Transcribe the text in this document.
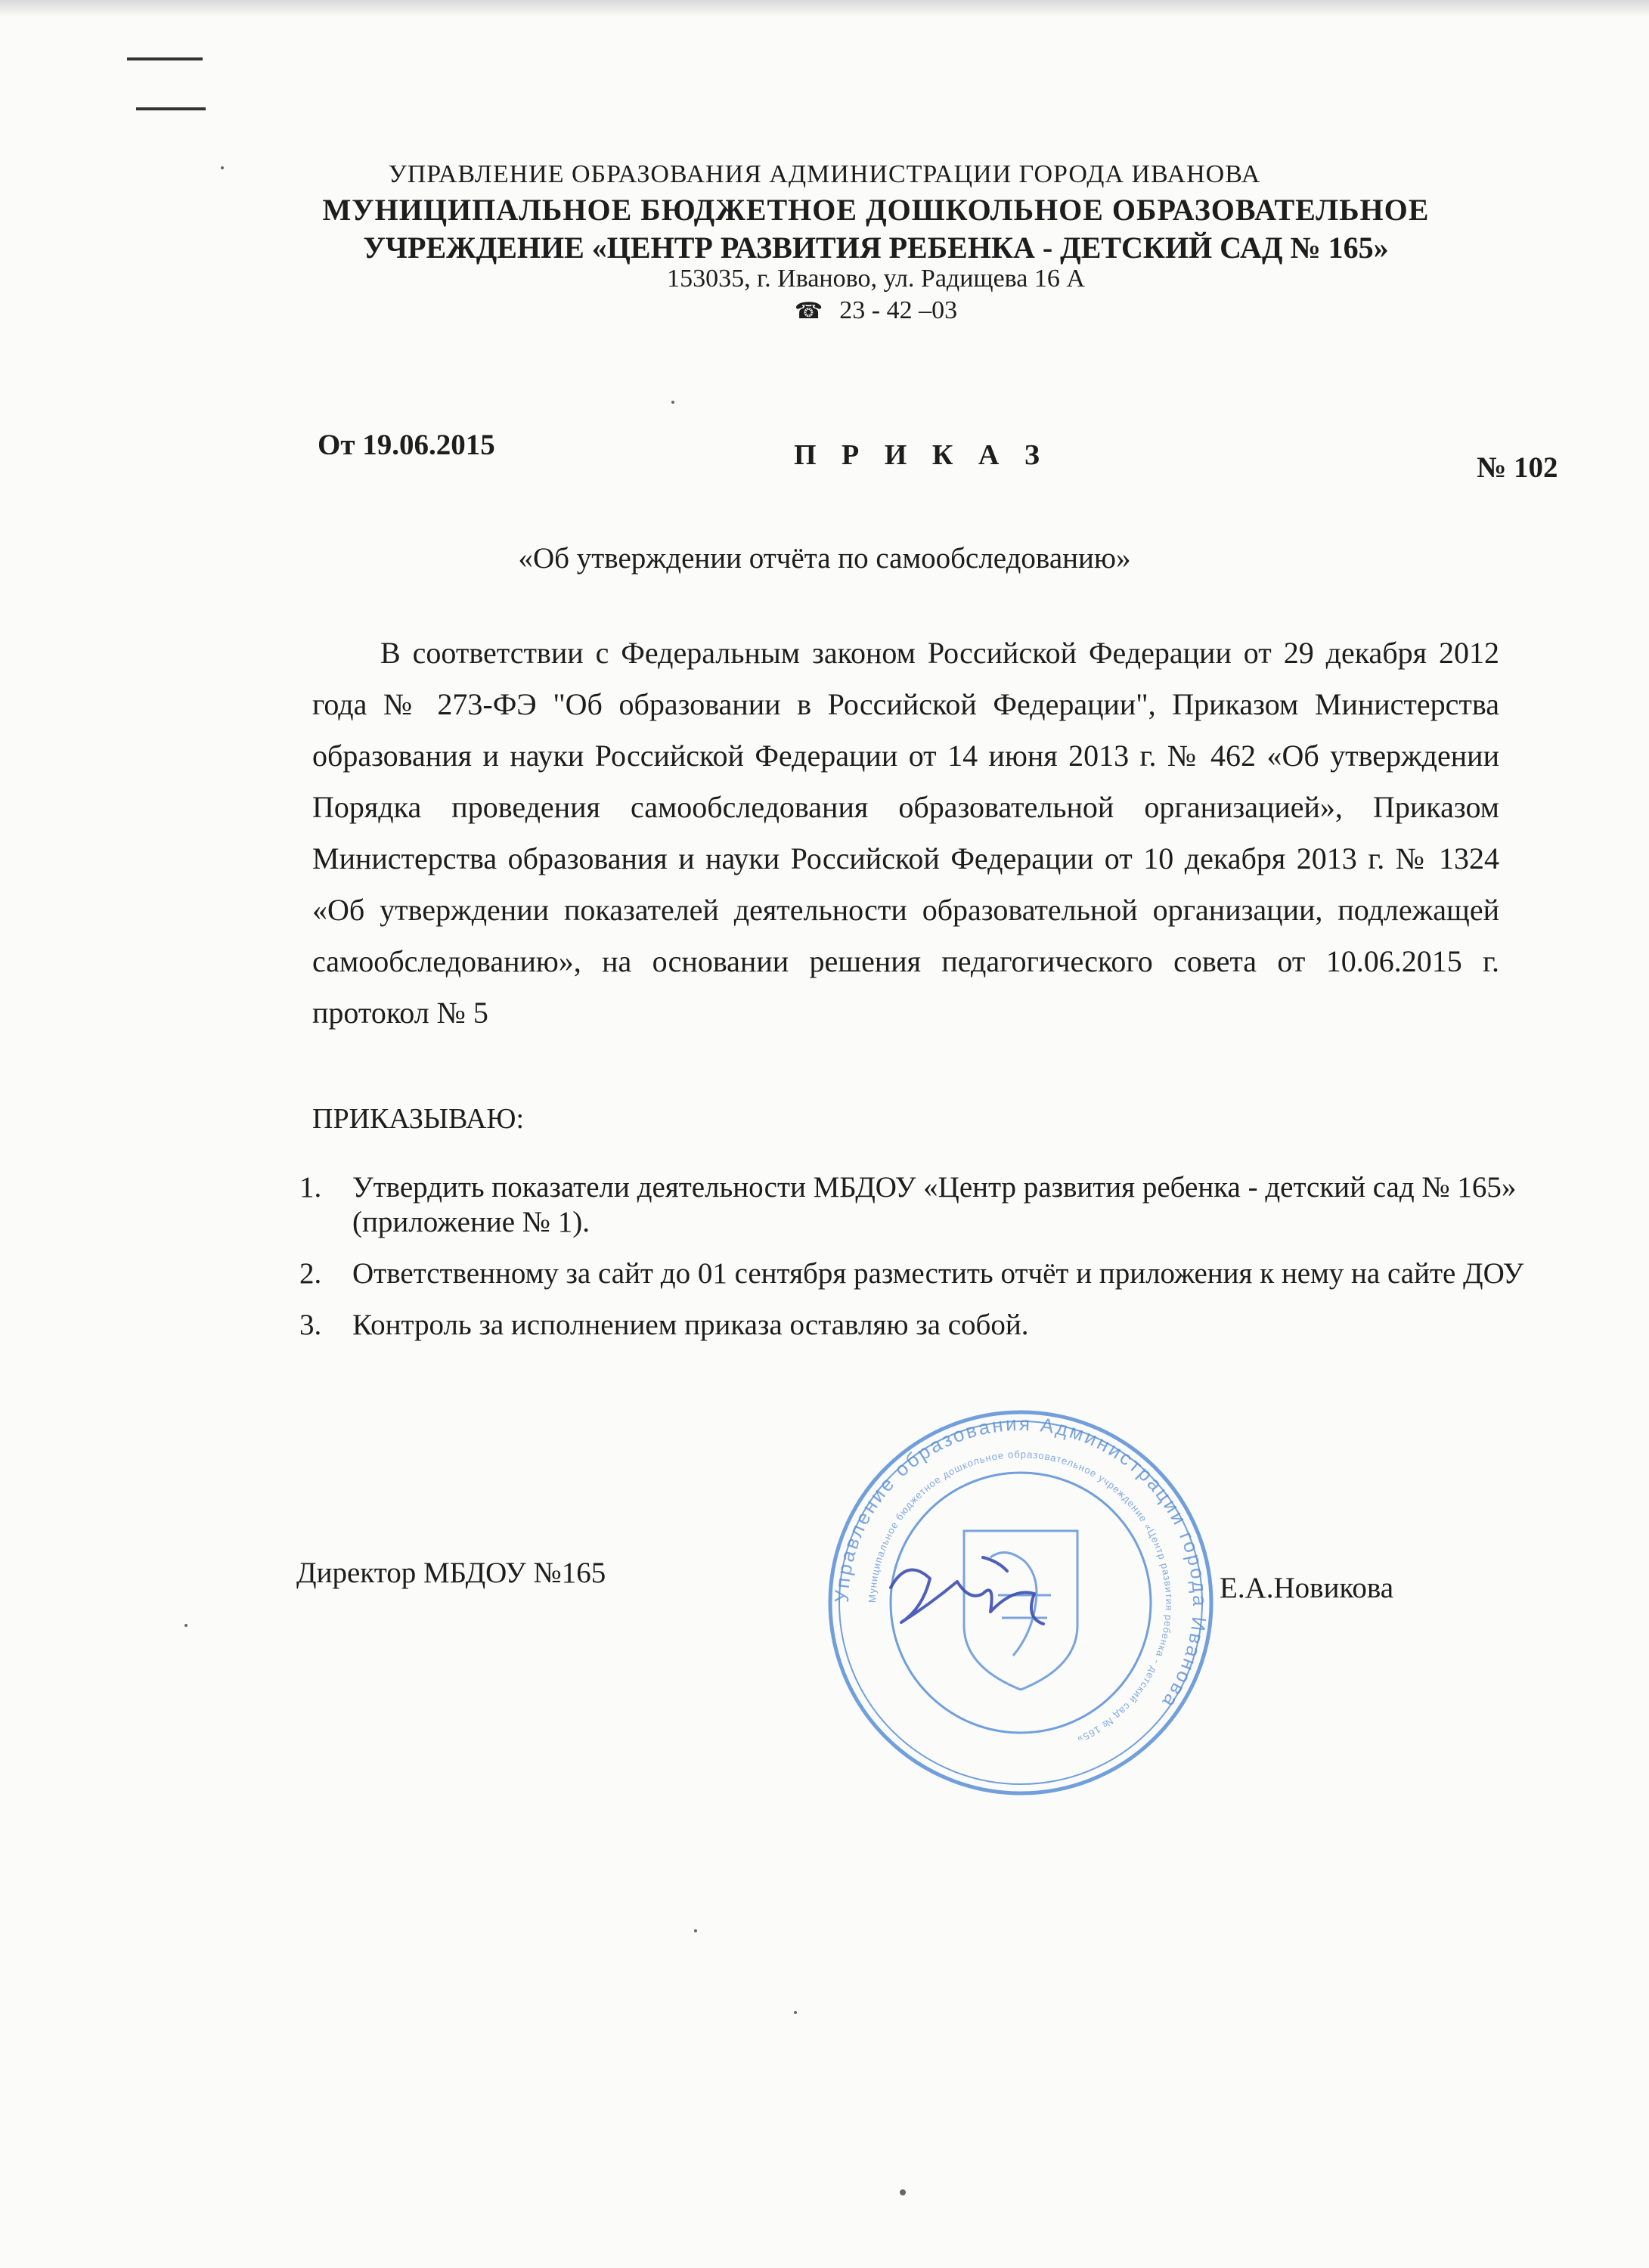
УПРАВЛЕНИЕ ОБРАЗОВАНИЯ АДМИНИСТРАЦИИ ГОРОДА ИВАНОВА
МУНИЦИПАЛЬНОЕ БЮДЖЕТНОЕ ДОШКОЛЬНОЕ ОБРАЗОВАТЕЛЬНОЕ
УЧРЕЖДЕНИЕ «ЦЕНТР РАЗВИТИЯ РЕБЕНКА - ДЕТСКИЙ САД № 165»
153035, г. Иваново, ул. Радищева 16 А
☎ 23 - 42 –03
От 19.06.2015	П Р И К А З	№ 102
«Об утверждении отчёта по самообследованию»

В соответствии с Федеральным законом Российской Федерации от 29 декабря 2012 года № 273-ФЭ "Об образовании в Российской Федерации", Приказом Министерства образования и науки Российской Федерации от 14 июня 2013 г. № 462 «Об утверждении Порядка проведения самообследования образовательной организацией», Приказом Министерства образования и науки Российской Федерации от 10 декабря 2013 г. № 1324 «Об утверждении показателей деятельности образовательной организации, подлежащей самообследованию», на основании решения педагогического совета от 10.06.2015 г. протокол № 5

ПРИКАЗЫВАЮ:
1. Утвердить показатели деятельности МБДОУ «Центр развития ребенка - детский сад № 165» (приложение № 1).
2. Ответственному за сайт до 01 сентября разместить отчёт и приложения к нему на сайте ДОУ
3. Контроль за исполнением приказа оставляю за собой.
Директор МБДОУ №165	Е.А.Новикова
Управление образования Администрации города Иванова
Муниципальное бюджетное дошкольное образовательное учреждение «Центр развития ребенка - детский сад № 165»
